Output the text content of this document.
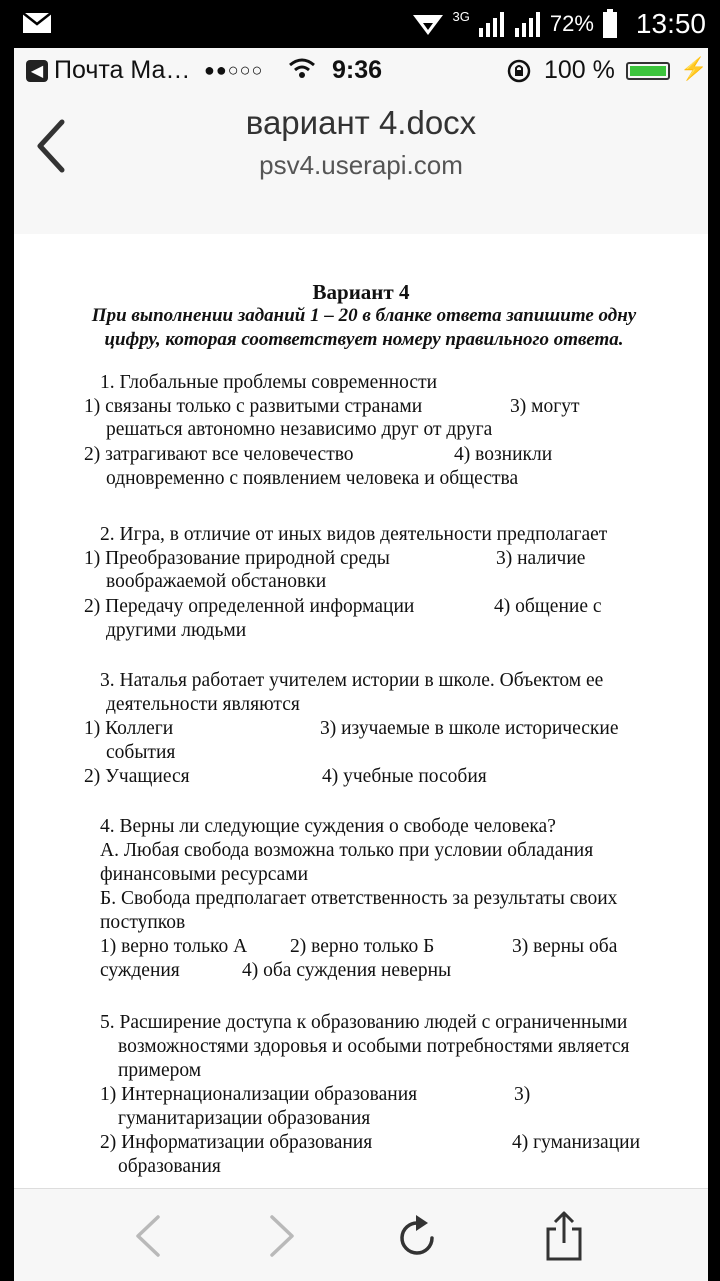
3G	72% 13:50
◀ Почта Ма… ●●○○○	9:36	100 %	⚡
вариант 4.docx
psv4.userapi.com
Вариант 4
При выполнении заданий 1 – 20 в бланке ответа запишите одну
цифру, которая соответствует номеру правильного ответа.
1. Глобальные проблемы современности
1) связаны только с развитыми странами	3) могут
решаться автономно независимо друг от друга
2) затрагивают все человечество	4) возникли
одновременно с появлением человека и общества
2. Игра, в отличие от иных видов деятельности предполагает
1) Преобразование природной среды	3) наличие
воображаемой обстановки
2) Передачу определенной информации	4) общение с
другими людьми
3. Наталья работает учителем истории в школе. Объектом ее
деятельности являются
1) Коллеги	3) изучаемые в школе исторические
события
2) Учащиеся	4) учебные пособия
4. Верны ли следующие суждения о свободе человека?
А. Любая свобода возможна только при условии обладания
финансовыми ресурсами
Б. Свобода предполагает ответственность за результаты своих
поступков
1) верно только А 2) верно только Б	3) верны оба
суждения	4) оба суждения неверны
5. Расширение доступа к образованию людей с ограниченными
возможностями здоровья и особыми потребностями является
примером
1) Интернационализации образования	3)
гуманитаризации образования
2) Информатизации образования	4) гуманизации
образования
